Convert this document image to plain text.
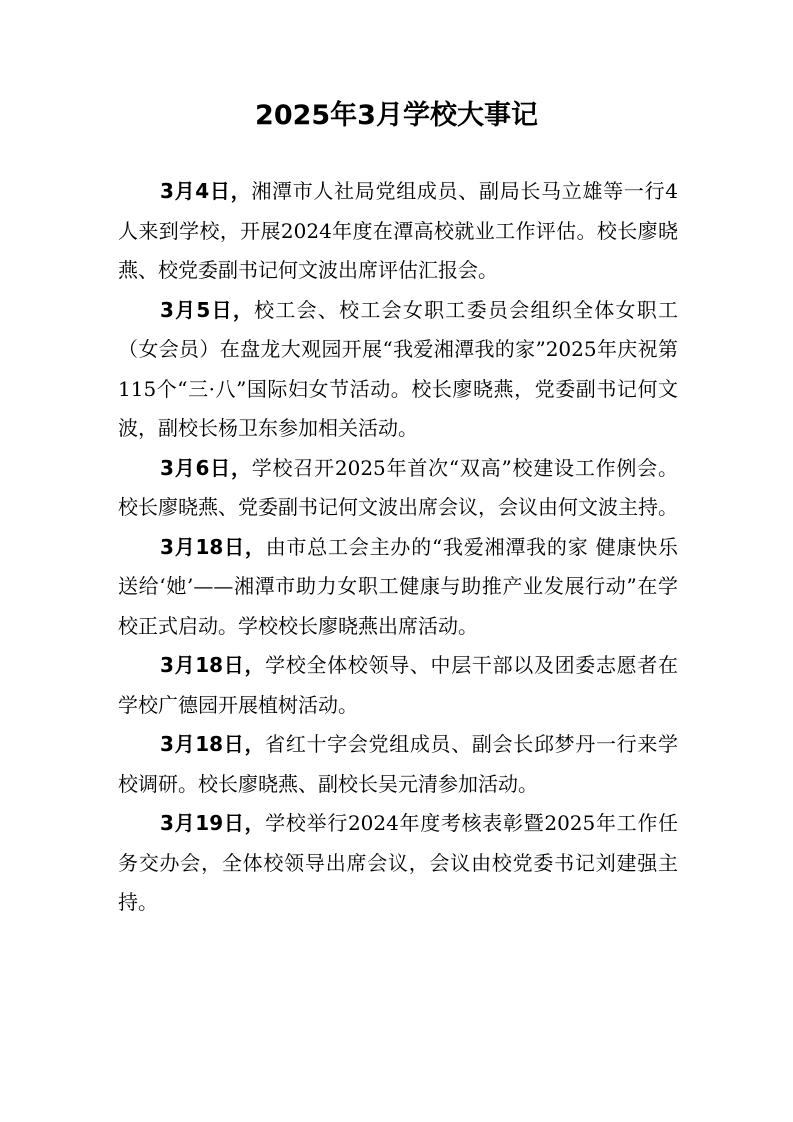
2025年3月学校大事记

3月4日，湘潭市人社局党组成员、副局长马立雄等一行4人来到学校，开展2024年度在潭高校就业工作评估。校长廖晓燕、校党委副书记何文波出席评估汇报会。

3月5日，校工会、校工会女职工委员会组织全体女职工（女会员）在盘龙大观园开展“我爱湘潭我的家”2025年庆祝第115个“三·八”国际妇女节活动。校长廖晓燕，党委副书记何文波，副校长杨卫东参加相关活动。

3月6日，学校召开2025年首次“双高”校建设工作例会。校长廖晓燕、党委副书记何文波出席会议，会议由何文波主持。

3月18日，由市总工会主办的“我爱湘潭我的家 健康快乐送给‘她’——湘潭市助力女职工健康与助推产业发展行动”在学校正式启动。学校校长廖晓燕出席活动。

3月18日，学校全体校领导、中层干部以及团委志愿者在学校广德园开展植树活动。

3月18日，省红十字会党组成员、副会长邱梦丹一行来学校调研。校长廖晓燕、副校长吴元清参加活动。

3月19日，学校举行2024年度考核表彰暨2025年工作任务交办会，全体校领导出席会议，会议由校党委书记刘建强主持。
